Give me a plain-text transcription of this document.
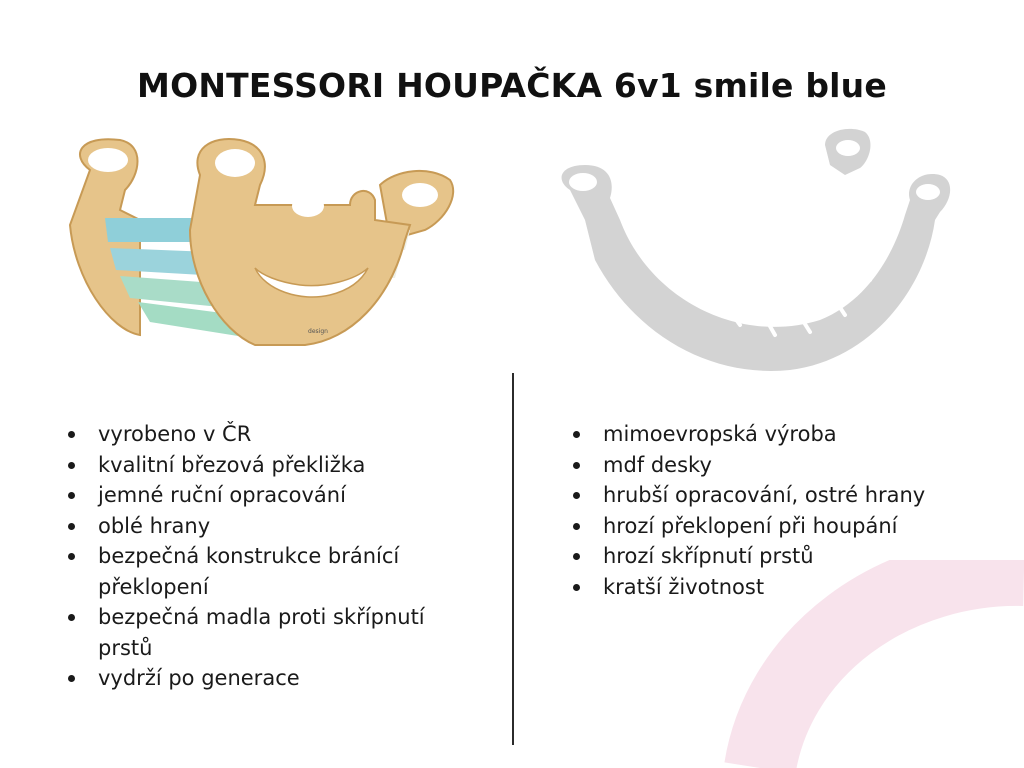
MONTESSORI HOUPAČKA 6v1 smile blue
design
vyrobeno v ČR
kvalitní březová překližka
jemné ruční opracování
oblé hrany
bezpečná konstrukce bránící překlopení
bezpečná madla proti skřípnutí prstů
vydrží po generace
mimoevropská výroba
mdf desky
hrubší opracování, ostré hrany
hrozí překlopení při houpání
hrozí skřípnutí prstů
kratší životnost
